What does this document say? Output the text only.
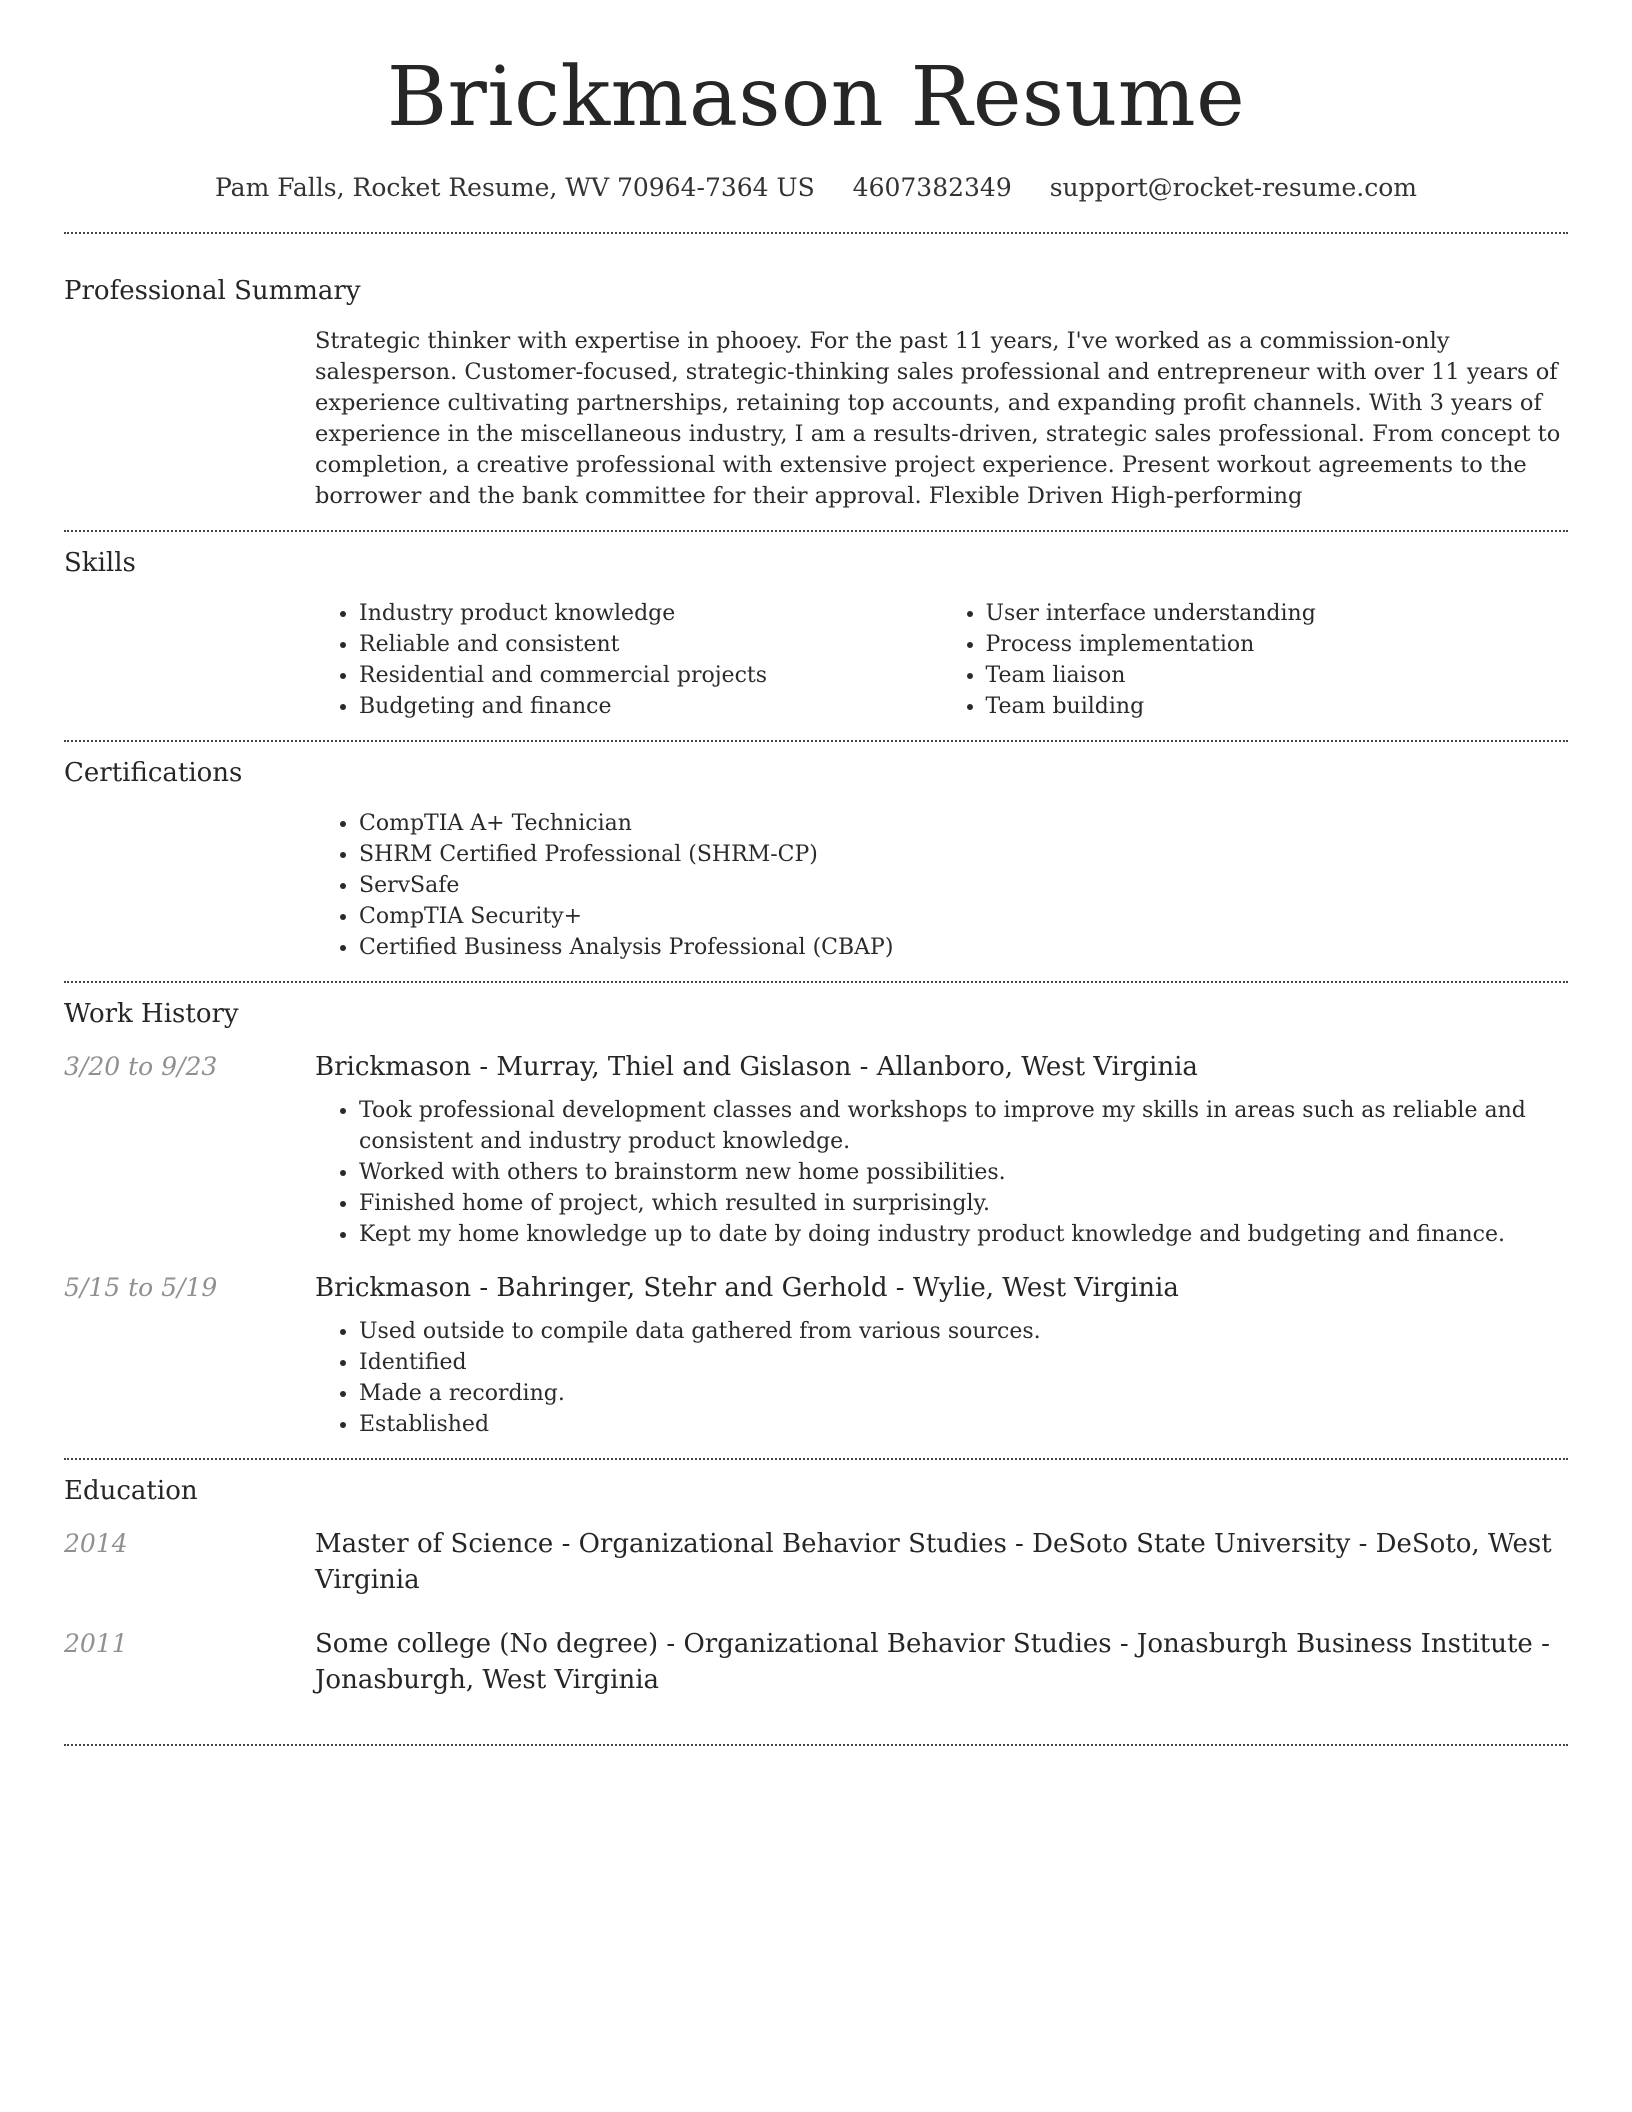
Brickmason Resume
Pam Falls, Rocket Resume, WV 70964-7364 US 4607382349 support@rocket-resume.com
Professional Summary

Strategic thinker with expertise in phooey. For the past 11 years, I've worked as a commission-only salesperson. Customer-focused, strategic-thinking sales professional and entrepreneur with over 11 years of experience cultivating partnerships, retaining top accounts, and expanding profit channels. With 3 years of experience in the miscellaneous industry, I am a results-driven, strategic sales professional. From concept to completion, a creative professional with extensive project experience. Present workout agreements to the borrower and the bank committee for their approval. Flexible Driven High-performing

Skills
• Industry product knowledge
• Reliable and consistent
• Residential and commercial projects
• Budgeting and finance
• User interface understanding
• Process implementation
• Team liaison
• Team building
Certifications
• CompTIA A+ Technician
• SHRM Certified Professional (SHRM-CP)
• ServSafe
• CompTIA Security+
• Certified Business Analysis Professional (CBAP)
Work History
3/20 to 9/23	Brickmason - Murray, Thiel and Gislason - Allanboro, West Virginia
• Took professional development classes and workshops to improve my skills in areas such as reliable and consistent and industry product knowledge.
• Worked with others to brainstorm new home possibilities.
• Finished home of project, which resulted in surprisingly.
• Kept my home knowledge up to date by doing industry product knowledge and budgeting and finance.
5/15 to 5/19	Brickmason - Bahringer, Stehr and Gerhold - Wylie, West Virginia
• Used outside to compile data gathered from various sources.
• Identified
• Made a recording.
• Established
Education
2014	Master of Science - Organizational Behavior Studies - DeSoto State University - DeSoto, West Virginia
2011	Some college (No degree) - Organizational Behavior Studies - Jonasburgh Business Institute - Jonasburgh, West Virginia
